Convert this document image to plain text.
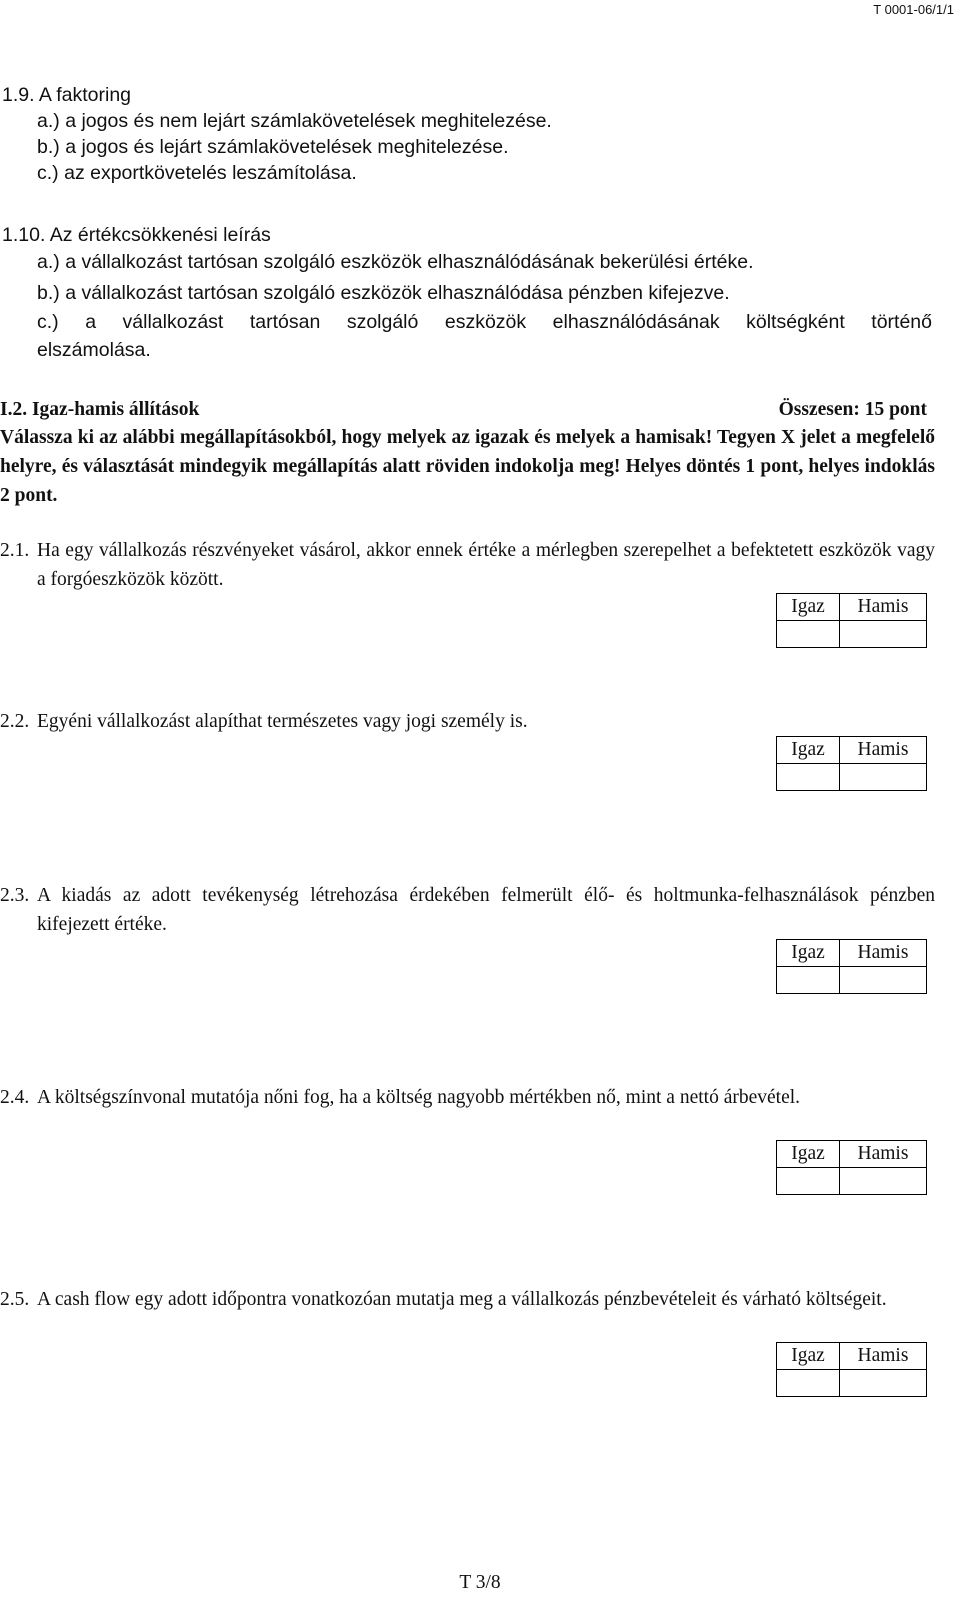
T 0001-06/1/1
1.9. A faktoring
a.) a jogos és nem lejárt számlakövetelések meghitelezése.
b.) a jogos és lejárt számlakövetelések meghitelezése.
c.) az exportkövetelés leszámítolása.
1.10. Az értékcsökkenési leírás
a.) a vállalkozást tartósan szolgáló eszközök elhasználódásának bekerülési értéke.
b.) a vállalkozást tartósan szolgáló eszközök elhasználódása pénzben kifejezve.
c.) a vállalkozást tartósan szolgáló eszközök elhasználódásának költségként történő
elszámolása.
I.2. Igaz-hamis állítások	Összesen: 15 pont
Válassza ki az alábbi megállapításokból, hogy melyek az igazak és melyek a hamisak! Tegyen X jelet a megfelelő helyre, és választását mindegyik megállapítás alatt röviden indokolja meg! Helyes döntés 1 pont, helyes indoklás 2 pont.
2.1. Ha egy vállalkozás részvényeket vásárol, akkor ennek értéke a mérlegben szerepelhet a befektetett eszközök vagy a forgóeszközök között.
Igaz	Hamis

2.2. Egyéni vállalkozást alapíthat természetes vagy jogi személy is.
Igaz	Hamis

2.3. A kiadás az adott tevékenység létrehozása érdekében felmerült élő- és holtmunka-felhasználások pénzben kifejezett értéke.
Igaz	Hamis

2.4. A költségszínvonal mutatója nőni fog, ha a költség nagyobb mértékben nő, mint a nettó árbevétel.
Igaz	Hamis

2.5. A cash flow egy adott időpontra vonatkozóan mutatja meg a vállalkozás pénzbevételeit és várható költségeit.
Igaz	Hamis

T 3/8
